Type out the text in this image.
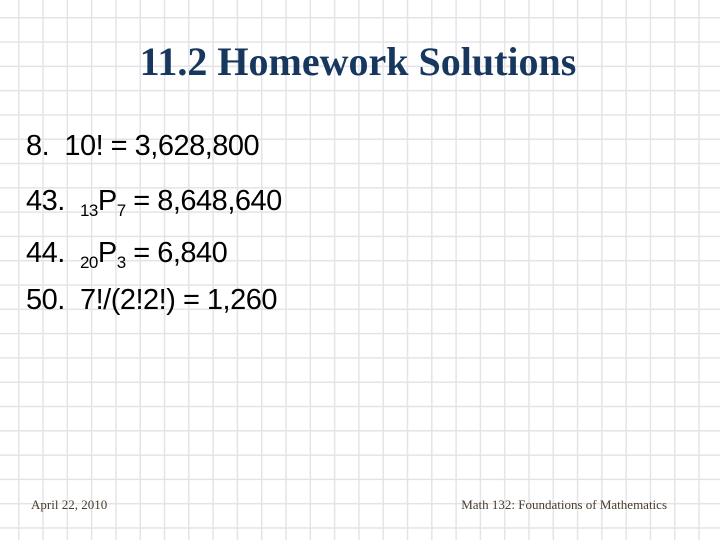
11.2 Homework Solutions
8. 10! = 3,628,800
43. $_{13}P_7 = 8,648,640$
44. $_{20}P_3 = 6,840$
50. 7!/(2!2!) = 1,260
April 22, 2010	Math 132: Foundations of Mathematics
